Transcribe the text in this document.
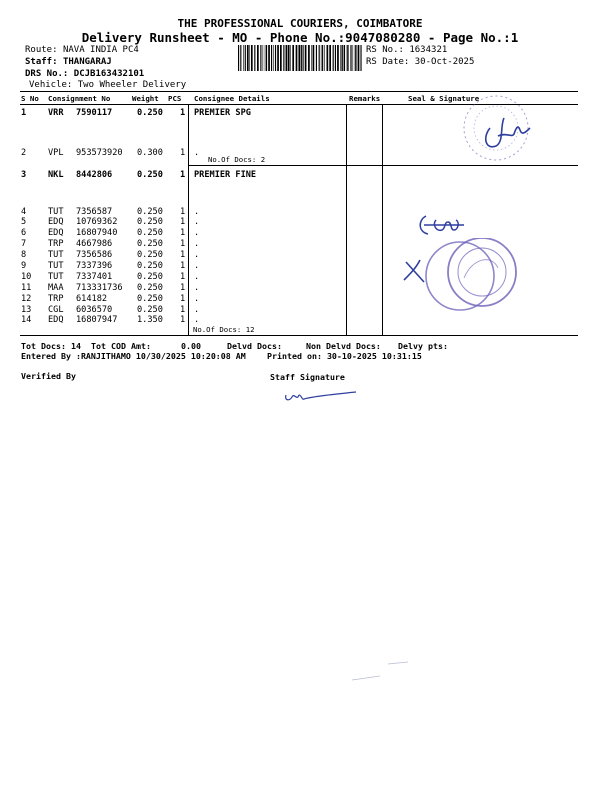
THE PROFESSIONAL COURIERS, COIMBATORE
Delivery Runsheet - MO - Phone No.:9047080280 - Page No.:1
Route: NAVA INDIA PC4
Staff: THANGARAJ
DRS No.: DCJB163432101
Vehicle: Two Wheeler Delivery
RS No.: 1634321
RS Date: 30-Oct-2025
S No Consignment No	Weight PCS Consignee Details	Remarks	Seal & Signature
1	VRR 7590117	0.250 1 PREMIER SPG
2	VPL 953573920 0.300 1 .
3	NKL 8442806	0.250 1 PREMIER FINE
4	TUT 7356587	0.250 1 .
5	EDQ 10769362 0.250 1 .
6	EDQ 16807940 0.250 1 .
7	TRP 4667986	0.250 1 .
8	TUT 7356586	0.250 1 .
9	TUT 7337396	0.250 1 .
10 TUT 7337401	0.250 1 .
11 MAA 713331736 0.250 1 .
12 TRP 614182	0.250 1 .
13 CGL 6036570	0.250 1 .
14 EDQ 16807947 1.350 1 .
No.Of Docs: 2
No.Of Docs: 12
Tot Docs: 14 Tot COD Amt:	0.00	Delvd Docs:	Non Delvd Docs: Delvy pts:
Entered By :RANJITHAMO 10/30/2025 10:20:08 AM	Printed on: 30-10-2025 10:31:15
Verified By	Staff Signature
